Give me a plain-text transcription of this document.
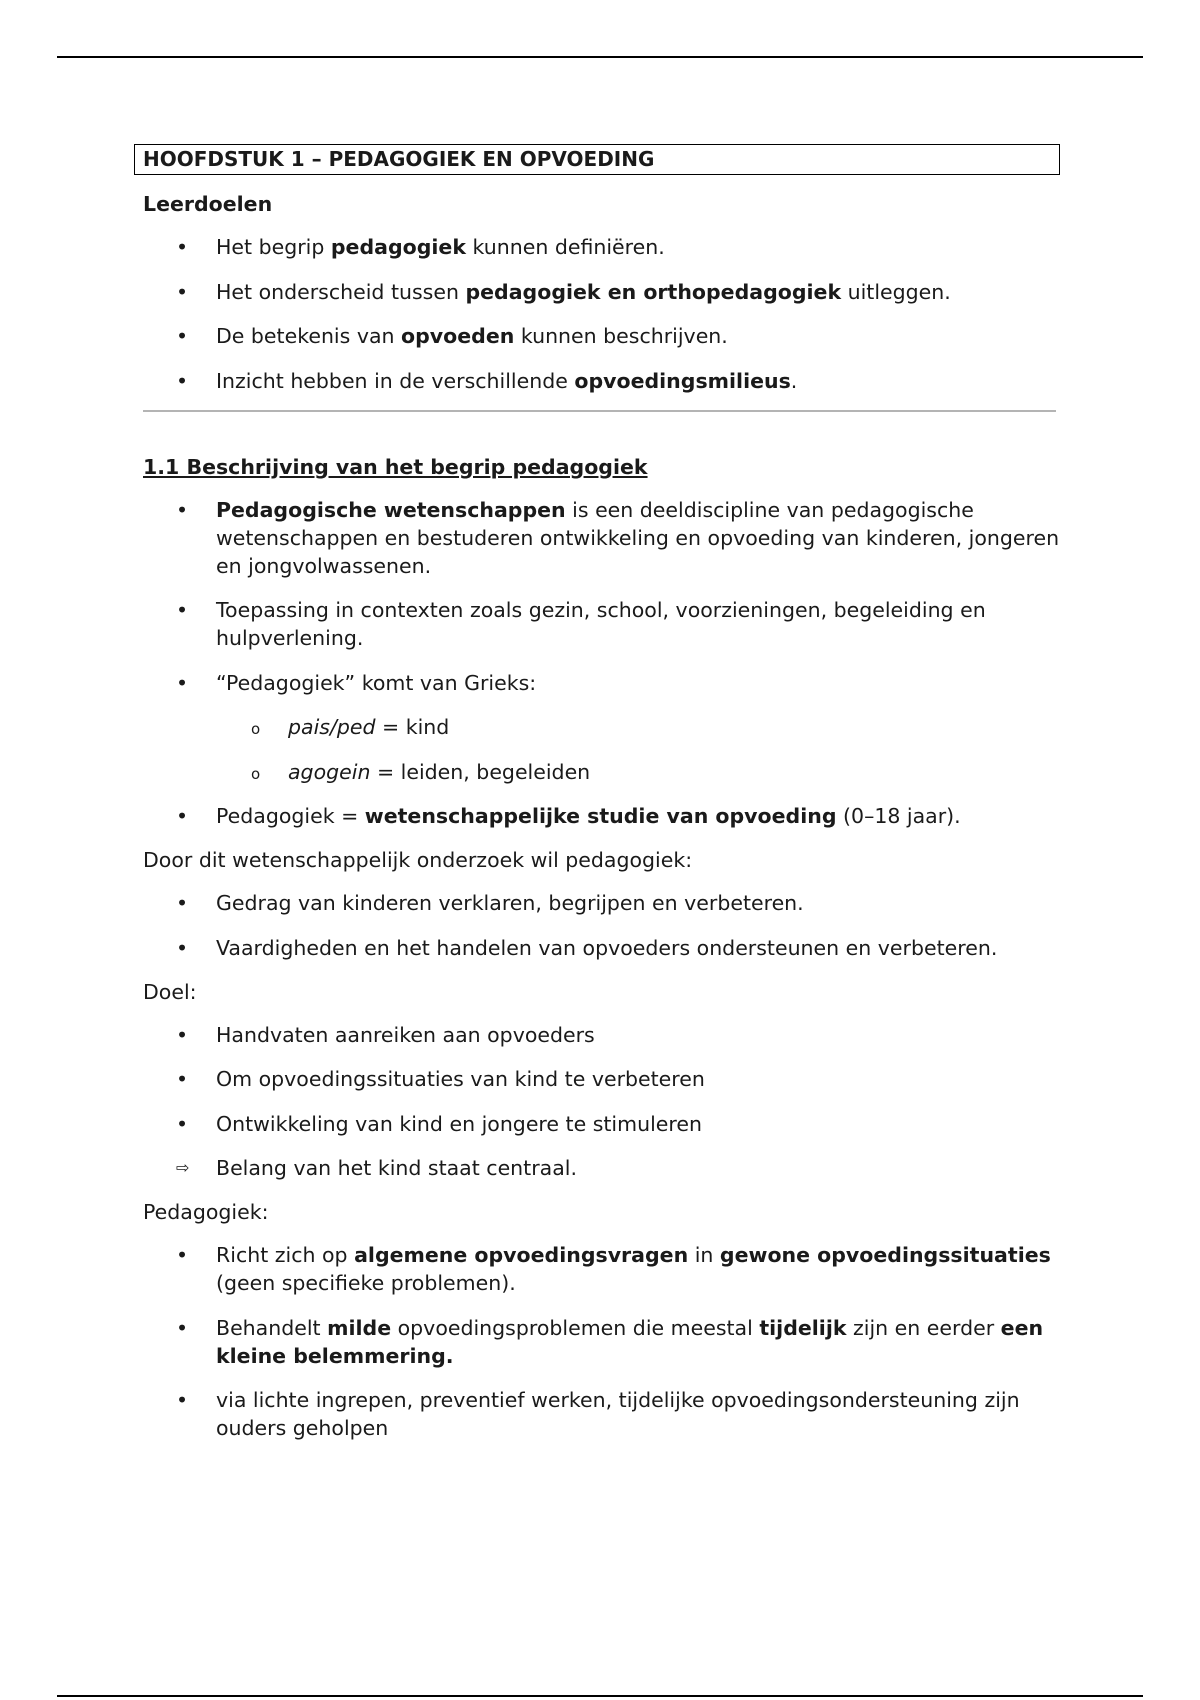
HOOFDSTUK 1 – PEDAGOGIEK EN OPVOEDING
Leerdoelen
• Het begrip pedagogiek kunnen definiëren.
• Het onderscheid tussen pedagogiek en orthopedagogiek uitleggen.
• De betekenis van opvoeden kunnen beschrijven.
• Inzicht hebben in de verschillende opvoedingsmilieus.
1.1 Beschrijving van het begrip pedagogiek
• Pedagogische wetenschappen is een deeldiscipline van pedagogische wetenschappen en bestuderen ontwikkeling en opvoeding van kinderen, jongeren en jongvolwassenen.
• Toepassing in contexten zoals gezin, school, voorzieningen, begeleiding en hulpverlening.
• “Pedagogiek” komt van Grieks:
o pais/ped = kind
o agogein = leiden, begeleiden
• Pedagogiek = wetenschappelijke studie van opvoeding (0–18 jaar).
Door dit wetenschappelijk onderzoek wil pedagogiek:
• Gedrag van kinderen verklaren, begrijpen en verbeteren.
• Vaardigheden en het handelen van opvoeders ondersteunen en verbeteren.
Doel:
• Handvaten aanreiken aan opvoeders
• Om opvoedingssituaties van kind te verbeteren
• Ontwikkeling van kind en jongere te stimuleren
⇨ Belang van het kind staat centraal.
Pedagogiek:
• Richt zich op algemene opvoedingsvragen in gewone opvoedingssituaties (geen specifieke problemen).
• Behandelt milde opvoedingsproblemen die meestal tijdelijk zijn en eerder een kleine belemmering.
• via lichte ingrepen, preventief werken, tijdelijke opvoedingsondersteuning zijn ouders geholpen
